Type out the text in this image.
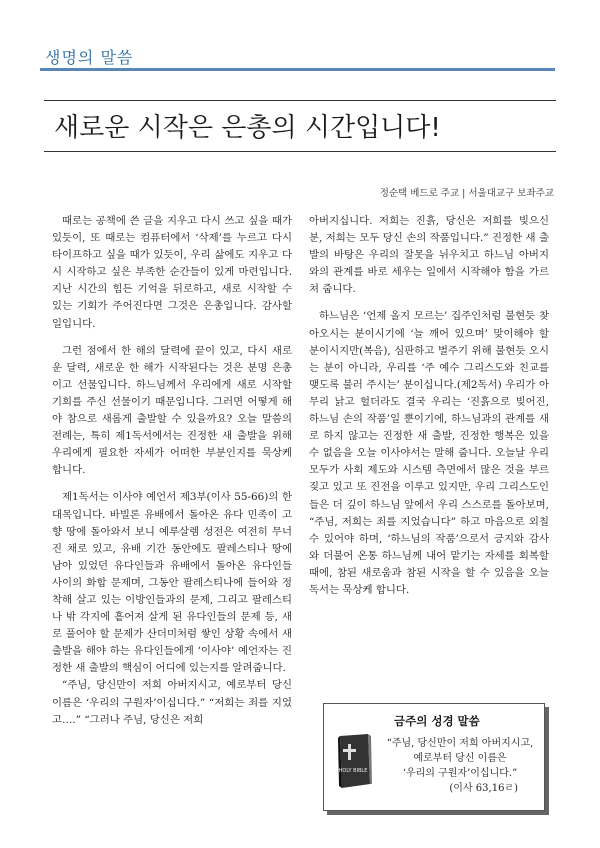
생명의 말씀
새로운 시작은 은총의 시간입니다!
정순택 베드로 주교 | 서울대교구 보좌주교

때로는 공책에 쓴 글을 지우고 다시 쓰고 싶을 때가 있듯이, 또 때로는 컴퓨터에서 ‘삭제’를 누르고 다시 타이프하고 싶을 때가 있듯이, 우리 삶에도 지우고 다시 시작하고 싶은 부족한 순간들이 있게 마련입니다. 지난 시간의 힘든 기억을 뒤로하고, 새로 시작할 수 있는 기회가 주어진다면 그것은 은총입니다. 감사할 일입니다.

그런 점에서 한 해의 달력에 끝이 있고, 다시 새로운 달력, 새로운 한 해가 시작된다는 것은 분명 은총이고 선물입니다. 하느님께서 우리에게 새로 시작할 기회를 주신 선물이기 때문입니다. 그러면 어떻게 해야 참으로 새롭게 출발할 수 있을까요? 오늘 말씀의 전례는, 특히 제1독서에서는 진정한 새 출발을 위해 우리에게 필요한 자세가 어떠한 부분인지를 묵상케 합니다.

제1독서는 이사야 예언서 제3부(이사 55-66)의 한 대목입니다. 바빌론 유배에서 돌아온 유다 민족이 고향 땅에 돌아와서 보니 예루살렘 성전은 여전히 무너진 채로 있고, 유배 기간 동안에도 팔레스티나 땅에 남아 있었던 유다인들과 유배에서 돌아온 유다인들 사이의 화합 문제며, 그동안 팔레스티나에 들어와 정착해 살고 있는 이방인들과의 문제, 그리고 팔레스티나 밖 각지에 흩어져 살게 된 유다인들의 문제 등, 새로 풀어야 할 문제가 산더미처럼 쌓인 상황 속에서 새 출발을 해야 하는 유다인들에게 ‘이사야’ 예언자는 진정한 새 출발의 핵심이 어디에 있는지를 알려줍니다.

“주님, 당신만이 저희 아버지시고, 예로부터 당신 이름은 ‘우리의 구원자’이십니다.” “저희는 죄를 지었고….” “그러나 주님, 당신은 저희

아버지십니다. 저희는 진흙, 당신은 저희를 빚으신 분, 저희는 모두 당신 손의 작품입니다.” 진정한 새 출발의 바탕은 우리의 잘못을 뉘우치고 하느님 아버지와의 관계를 바로 세우는 일에서 시작해야 함을 가르쳐 줍니다.

하느님은 ‘언제 올지 모르는’ 집주인처럼 불현듯 찾아오시는 분이시기에 ‘늘 깨어 있으며’ 맞이해야 할 분이시지만(복음), 심판하고 벌주기 위해 불현듯 오시는 분이 아니라, 우리를 ‘주 예수 그리스도와 친교를 맺도록 불러 주시는’ 분이십니다.(제2독서) 우리가 아무리 낡고 헐더라도 결국 우리는 ‘진흙으로 빚어진, 하느님 손의 작품’일 뿐이기에, 하느님과의 관계를 새로 하지 않고는 진정한 새 출발, 진정한 행복은 있을 수 없음을 오늘 이사야서는 말해 줍니다. 오늘날 우리 모두가 사회 제도와 시스템 측면에서 많은 것을 부르짖고 있고 또 진전을 이루고 있지만, 우리 그리스도인들은 더 깊이 하느님 앞에서 우리 스스로를 돌아보며, “주님, 저희는 죄를 지었습니다” 하고 마음으로 외칠 수 있어야 하며, ‘하느님의 작품’으로서 긍지와 감사와 더불어 온통 하느님께 내어 맡기는 자세를 회복할 때에, 참된 새로움과 참된 시작을 할 수 있음을 오늘 독서는 묵상케 합니다.

금주의 성경 말씀
HOLY BIBLE
“주님, 당신만이 저희 아버지시고,
예로부터 당신 이름은
‘우리의 구원자’이십니다.”

(이사 63,16ㄹ)
